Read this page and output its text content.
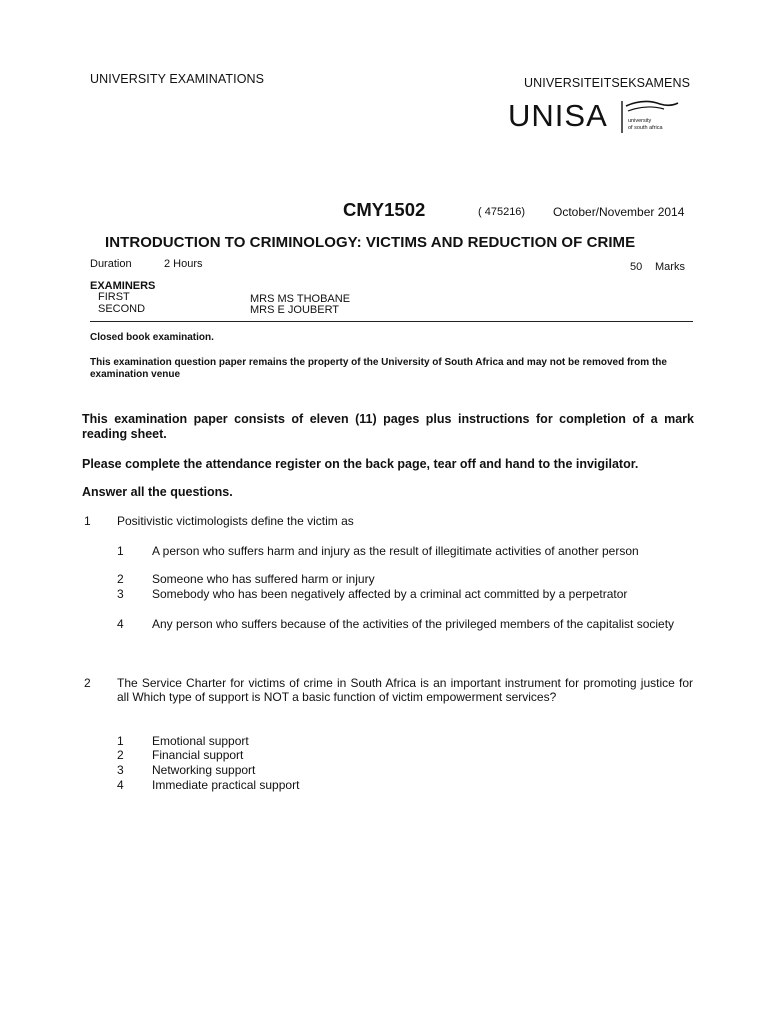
UNIVERSITY EXAMINATIONS	UNIVERSITEITSEKSAMENS
UNISA	university
of south africa
CMY1502	( 475216) October/November 2014
INTRODUCTION TO CRIMINOLOGY: VICTIMS AND REDUCTION OF CRIME
Duration	2 Hours	50 Marks
EXAMINERS
FIRST	MRS MS THOBANE
SECOND	MRS E JOUBERT
Closed book examination.
This examination question paper remains the property of the University of South Africa and may not be removed from the examination venue
This examination paper consists of eleven (11) pages plus instructions for completion of a mark reading sheet.
Please complete the attendance register on the back page, tear off and hand to the invigilator.
Answer all the questions.
1 Positivistic victimologists define the victim as
1 A person who suffers harm and injury as the result of illegitimate activities of another person
2 Someone who has suffered harm or injury
3 Somebody who has been negatively affected by a criminal act committed by a perpetrator
4 Any person who suffers because of the activities of the privileged members of the capitalist society
2 The Service Charter for victims of crime in South Africa is an important instrument for promoting justice for all Which type of support is NOT a basic function of victim empowerment services?
1 Emotional support
2 Financial support
3 Networking support
4 Immediate practical support
